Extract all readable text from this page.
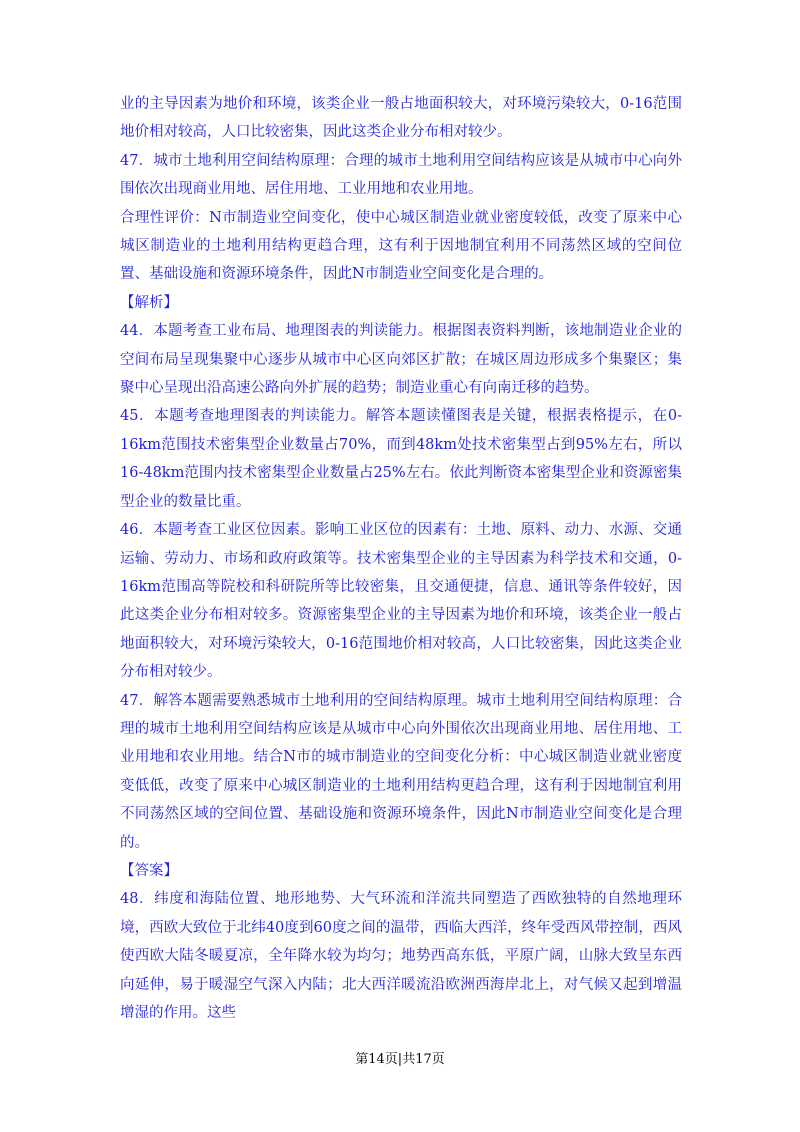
业的主导因素为地价和环境，该类企业一般占地面积较大，对环境污染较大，0-16范围地价相对较高，人口比较密集，因此这类企业分布相对较少。

47．城市土地利用空间结构原理：合理的城市土地利用空间结构应该是从城市中心向外围依次出现商业用地、居住用地、工业用地和农业用地。

合理性评价：N市制造业空间变化，使中心城区制造业就业密度较低，改变了原来中心城区制造业的土地利用结构更趋合理，这有利于因地制宜利用不同荡然区域的空间位置、基础设施和资源环境条件，因此N市制造业空间变化是合理的。

【解析】

44．本题考查工业布局、地理图表的判读能力。根据图表资料判断，该地制造业企业的空间布局呈现集聚中心逐步从城市中心区向郊区扩散；在城区周边形成多个集聚区；集聚中心呈现出沿高速公路向外扩展的趋势；制造业重心有向南迁移的趋势。

45．本题考查地理图表的判读能力。解答本题读懂图表是关键，根据表格提示，在0-16km范围技术密集型企业数量占70%，而到48km处技术密集型占到95%左右，所以16-48km范围内技术密集型企业数量占25%左右。依此判断资本密集型企业和资源密集型企业的数量比重。

46．本题考查工业区位因素。影响工业区位的因素有：土地、原料、动力、水源、交通运输、劳动力、市场和政府政策等。技术密集型企业的主导因素为科学技术和交通，0-16km范围高等院校和科研院所等比较密集，且交通便捷，信息、通讯等条件较好，因此这类企业分布相对较多。资源密集型企业的主导因素为地价和环境，该类企业一般占地面积较大，对环境污染较大，0-16范围地价相对较高，人口比较密集，因此这类企业分布相对较少。

47．解答本题需要熟悉城市土地利用的空间结构原理。城市土地利用空间结构原理：合理的城市土地利用空间结构应该是从城市中心向外围依次出现商业用地、居住用地、工业用地和农业用地。结合N市的城市制造业的空间变化分析：中心城区制造业就业密度变低低，改变了原来中心城区制造业的土地利用结构更趋合理，这有利于因地制宜利用不同荡然区域的空间位置、基础设施和资源环境条件，因此N市制造业空间变化是合理的。

【答案】

48．纬度和海陆位置、地形地势、大气环流和洋流共同塑造了西欧独特的自然地理环境，西欧大致位于北纬40度到60度之间的温带，西临大西洋，终年受西风带控制，西风使西欧大陆冬暖夏凉，全年降水较为均匀；地势西高东低，平原广阔，山脉大致呈东西向延伸，易于暖湿空气深入内陆；北大西洋暖流沿欧洲西海岸北上，对气候又起到增温增湿的作用。这些

第14页|共17页
